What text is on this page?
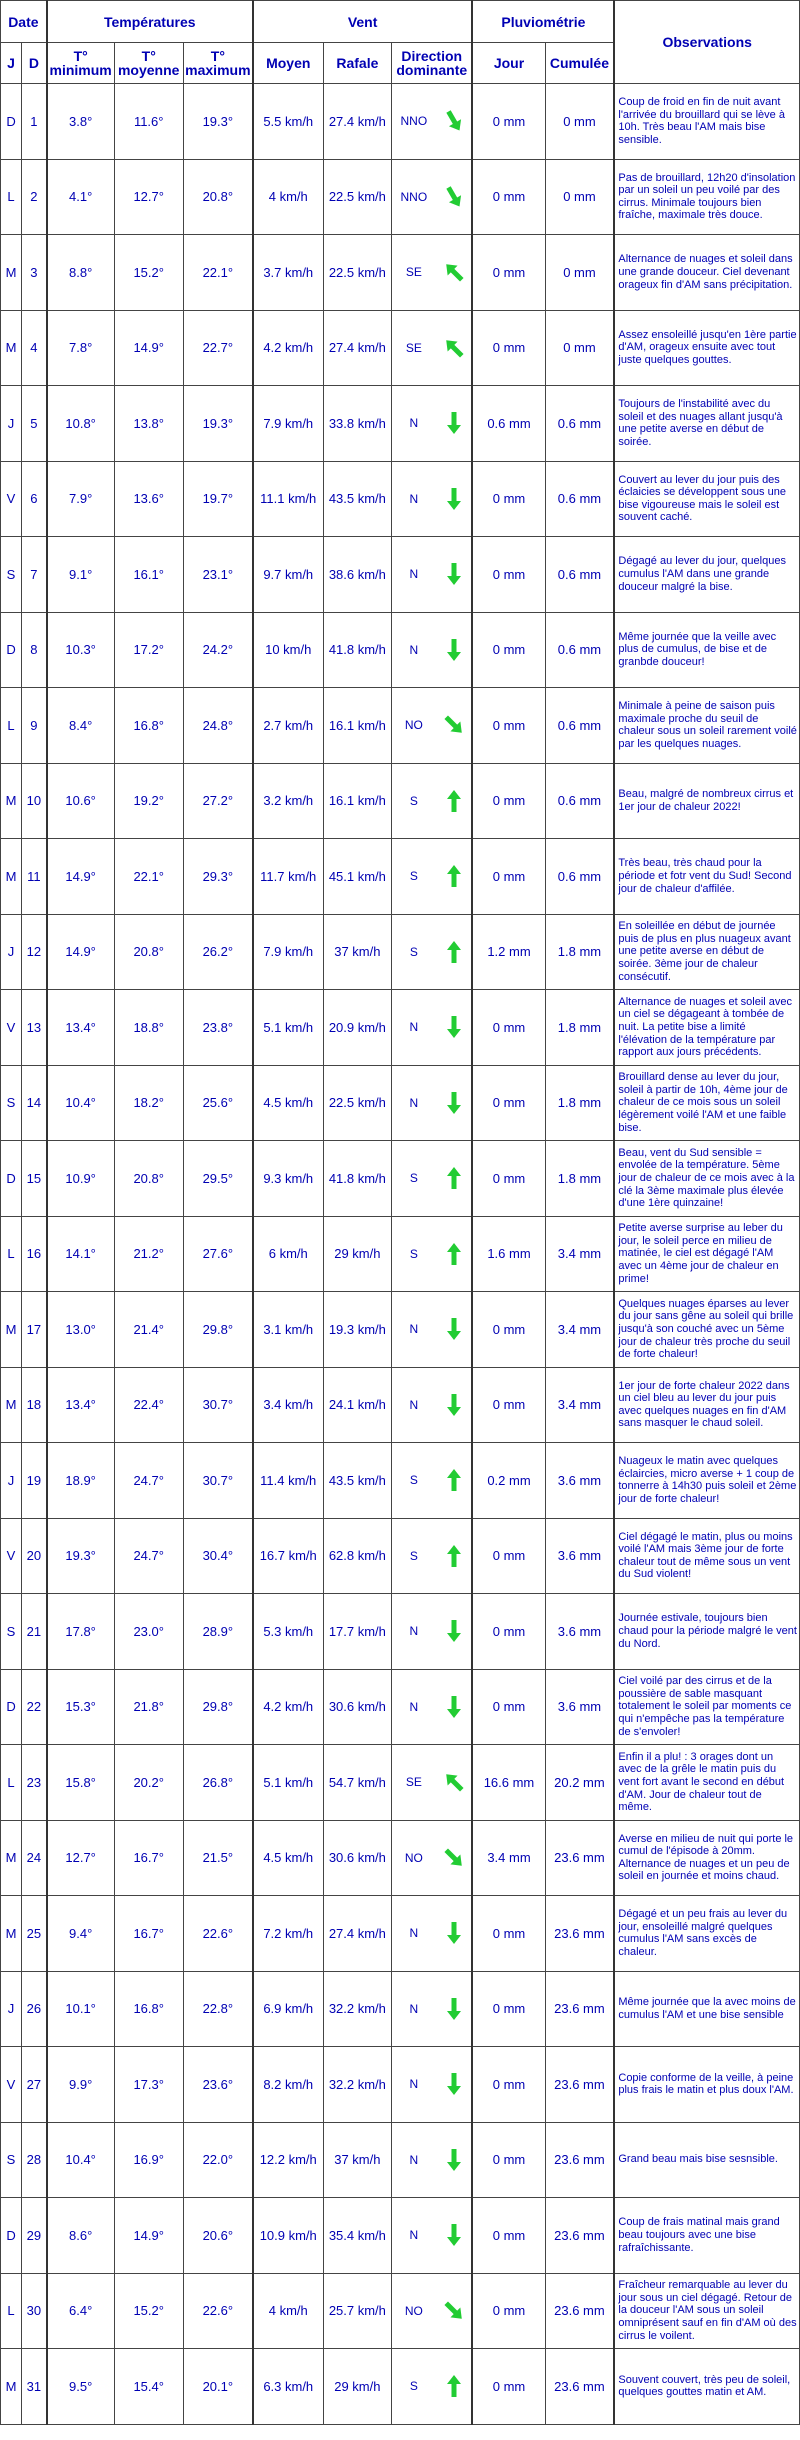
Date		Températures			Vent				Pluviométrie		Observations
J	D	T° minimum	T° moyenne	T° maximum	Moyen	Rafale	Direction dominante		Jour	Cumulée	
D	1	3.8°	11.6°	19.3°	5.5 km/h	27.4 km/h	NNO		0 mm	0 mm	Coup de froid en fin de nuit avant l'arrivée du brouillard qui se lève à 10h. Très beau l'AM mais bise sensible.
L	2	4.1°	12.7°	20.8°	4 km/h	22.5 km/h	NNO		0 mm	0 mm	Pas de brouillard, 12h20 d'insolation par un soleil un peu voilé par des cirrus. Minimale toujours bien fraîche, maximale très douce.
M	3	8.8°	15.2°	22.1°	3.7 km/h	22.5 km/h	SE		0 mm	0 mm	Alternance de nuages et soleil dans une grande douceur. Ciel devenant orageux fin d'AM sans précipitation.
M	4	7.8°	14.9°	22.7°	4.2 km/h	27.4 km/h	SE		0 mm	0 mm	Assez ensoleillé jusqu'en 1ère partie d'AM, orageux ensuite avec tout juste quelques gouttes.
J	5	10.8°	13.8°	19.3°	7.9 km/h	33.8 km/h	N		0.6 mm	0.6 mm	Toujours de l'instabilité avec du soleil et des nuages allant jusqu'à une petite averse en début de soirée.
V	6	7.9°	13.6°	19.7°	11.1 km/h	43.5 km/h	N		0 mm	0.6 mm	Couvert au lever du jour puis des éclaicies se développent sous une bise vigoureuse mais le soleil est souvent caché.
S	7	9.1°	16.1°	23.1°	9.7 km/h	38.6 km/h	N		0 mm	0.6 mm	Dégagé au lever du jour, quelques cumulus l'AM dans une grande douceur malgré la bise.
D	8	10.3°	17.2°	24.2°	10 km/h	41.8 km/h	N		0 mm	0.6 mm	Même journée que la veille avec plus de cumulus, de bise et de granbde douceur!
L	9	8.4°	16.8°	24.8°	2.7 km/h	16.1 km/h	NO		0 mm	0.6 mm	Minimale à peine de saison puis maximale proche du seuil de chaleur sous un soleil rarement voilé par les quelques nuages.
M	10	10.6°	19.2°	27.2°	3.2 km/h	16.1 km/h	S		0 mm	0.6 mm	Beau, malgré de nombreux cirrus et 1er jour de chaleur 2022!
M	11	14.9°	22.1°	29.3°	11.7 km/h	45.1 km/h	S		0 mm	0.6 mm	Très beau, très chaud pour la période et fotr vent du Sud! Second jour de chaleur d'affilée.
J	12	14.9°	20.8°	26.2°	7.9 km/h	37 km/h	S		1.2 mm	1.8 mm	En soleillée en début de journée puis de plus en plus nuageux avant une petite averse en début de soirée. 3ème jour de chaleur consécutif.
V	13	13.4°	18.8°	23.8°	5.1 km/h	20.9 km/h	N		0 mm	1.8 mm	Alternance de nuages et soleil avec un ciel se dégageant à tombée de nuit. La petite bise a limité l'élévation de la température par rapport aux jours précédents.
S	14	10.4°	18.2°	25.6°	4.5 km/h	22.5 km/h	N		0 mm	1.8 mm	Brouillard dense au lever du jour, soleil à partir de 10h, 4ème jour de chaleur de ce mois sous un soleil légèrement voilé l'AM et une faible bise.
D	15	10.9°	20.8°	29.5°	9.3 km/h	41.8 km/h	S		0 mm	1.8 mm	Beau, vent du Sud sensible = envolée de la température. 5ème jour de chaleur de ce mois avec à la clé la 3ème maximale plus élevée d'une 1ère quinzaine!
L	16	14.1°	21.2°	27.6°	6 km/h	29 km/h	S		1.6 mm	3.4 mm	Petite averse surprise au leber du jour, le soleil perce en milieu de matinée, le ciel est dégagé l'AM avec un 4ème jour de chaleur en prime!
M	17	13.0°	21.4°	29.8°	3.1 km/h	19.3 km/h	N		0 mm	3.4 mm	Quelques nuages éparses au lever du jour sans gêne au soleil qui brille jusqu'à son couché avec un 5ème jour de chaleur très proche du seuil de forte chaleur!
M	18	13.4°	22.4°	30.7°	3.4 km/h	24.1 km/h	N		0 mm	3.4 mm	1er jour de forte chaleur 2022 dans un ciel bleu au lever du jour puis avec quelques nuages en fin d'AM sans masquer le chaud soleil.
J	19	18.9°	24.7°	30.7°	11.4 km/h	43.5 km/h	S		0.2 mm	3.6 mm	Nuageux le matin avec quelques éclaircies, micro averse + 1 coup de tonnerre à 14h30 puis soleil et 2ème jour de forte chaleur!
V	20	19.3°	24.7°	30.4°	16.7 km/h	62.8 km/h	S		0 mm	3.6 mm	Ciel dégagé le matin, plus ou moins voilé l'AM mais 3ème jour de forte chaleur tout de même sous un vent du Sud violent!
S	21	17.8°	23.0°	28.9°	5.3 km/h	17.7 km/h	N		0 mm	3.6 mm	Journée estivale, toujours bien chaud pour la période malgré le vent du Nord.
D	22	15.3°	21.8°	29.8°	4.2 km/h	30.6 km/h	N		0 mm	3.6 mm	Ciel voilé par des cirrus et de la poussière de sable masquant totalement le soleil par moments ce qui n'empêche pas la température de s'envoler!
L	23	15.8°	20.2°	26.8°	5.1 km/h	54.7 km/h	SE		16.6 mm	20.2 mm	Enfin il a plu! : 3 orages dont un avec de la grêle le matin puis du vent fort avant le second en début d'AM. Jour de chaleur tout de même.
M	24	12.7°	16.7°	21.5°	4.5 km/h	30.6 km/h	NO		3.4 mm	23.6 mm	Averse en milieu de nuit qui porte le cumul de l'épisode à 20mm. Alternance de nuages et un peu de soleil en journée et moins chaud.
M	25	9.4°	16.7°	22.6°	7.2 km/h	27.4 km/h	N		0 mm	23.6 mm	Dégagé et un peu frais au lever du jour, ensoleillé malgré quelques cumulus l'AM sans excès de chaleur.
J	26	10.1°	16.8°	22.8°	6.9 km/h	32.2 km/h	N		0 mm	23.6 mm	Même journée que la avec moins de cumulus l'AM et une bise sensible
V	27	9.9°	17.3°	23.6°	8.2 km/h	32.2 km/h	N		0 mm	23.6 mm	Copie conforme de la veille, à peine plus frais le matin et plus doux l'AM.
S	28	10.4°	16.9°	22.0°	12.2 km/h	37 km/h	N		0 mm	23.6 mm	Grand beau mais bise sesnsible.
D	29	8.6°	14.9°	20.6°	10.9 km/h	35.4 km/h	N		0 mm	23.6 mm	Coup de frais matinal mais grand beau toujours avec une bise rafraîchissante.
L	30	6.4°	15.2°	22.6°	4 km/h	25.7 km/h	NO		0 mm	23.6 mm	Fraîcheur remarquable au lever du jour sous un ciel dégagé. Retour de la douceur l'AM sous un soleil omniprésent sauf en fin d'AM où des cirrus le voilent.
M	31	9.5°	15.4°	20.1°	6.3 km/h	29 km/h	S		0 mm	23.6 mm	Souvent couvert, très peu de soleil, quelques gouttes matin et AM.
